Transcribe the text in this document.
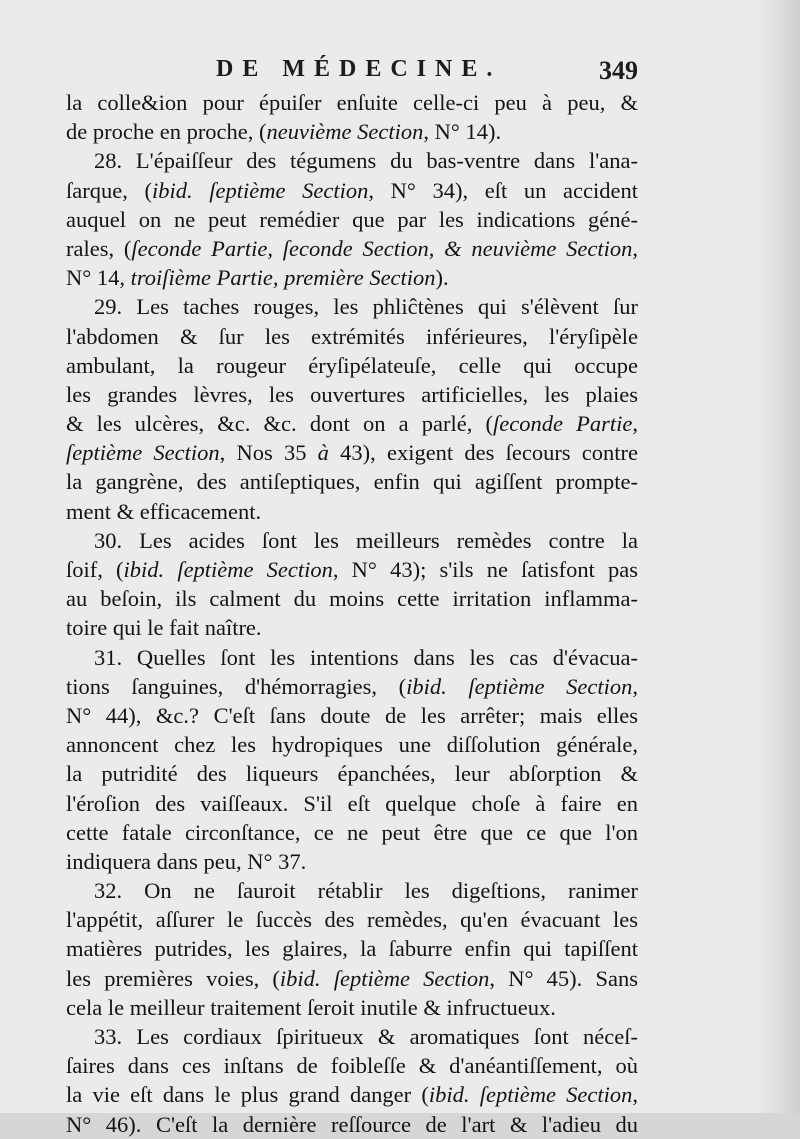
DE MÉDECINE.	349
la colle&ion pour épuiſer enſuite celle-ci peu à peu, &
de proche en proche, (neuvième Section, N° 14).
28. L'épaiſſeur des tégumens du bas-ventre dans l'ana-
ſarque, (ibid. ſeptième Section, N° 34), eſt un accident
auquel on ne peut remédier que par les indications géné-
rales, (ſeconde Partie, ſeconde Section, & neuvième Section,
N° 14, troiſième Partie, première Section).
29. Les taches rouges, les phliĉtènes qui s'élèvent ſur
l'abdomen & ſur les extrémités inférieures, l'éryſipèle
ambulant, la rougeur éryſipélateuſe, celle qui occupe
les grandes lèvres, les ouvertures artificielles, les plaies
& les ulcères, &c. &c. dont on a parlé, (ſeconde Partie,
ſeptième Section, Nos 35 à 43), exigent des ſecours contre
la gangrène, des antiſeptiques, enfin qui agiſſent prompte-
ment & efficacement.
30. Les acides ſont les meilleurs remèdes contre la
ſoif, (ibid. ſeptième Section, N° 43); s'ils ne ſatisfont pas
au beſoin, ils calment du moins cette irritation inflamma-
toire qui le fait naître.
31. Quelles ſont les intentions dans les cas d'évacua-
tions ſanguines, d'hémorragies, (ibid. ſeptième Section,
N° 44), &c.? C'eſt ſans doute de les arrêter; mais elles
annoncent chez les hydropiques une diſſolution générale,
la putridité des liqueurs épanchées, leur abſorption &
l'éroſion des vaiſſeaux. S'il eſt quelque choſe à faire en
cette fatale circonſtance, ce ne peut être que ce que l'on
indiquera dans peu, N° 37.
32. On ne ſauroit rétablir les digeſtions, ranimer
l'appétit, aſſurer le ſuccès des remèdes, qu'en évacuant les
matières putrides, les glaires, la ſaburre enfin qui tapiſſent
les premières voies, (ibid. ſeptième Section, N° 45). Sans
cela le meilleur traitement ſeroit inutile & infructueux.
33. Les cordiaux ſpiritueux & aromatiques ſont néceſ-
ſaires dans ces inſtans de foibleſſe & d'anéantiſſement, où
la vie eſt dans le plus grand danger (ibid. ſeptième Section,
N° 46). C'eſt la dernière reſſource de l'art & l'adieu du
